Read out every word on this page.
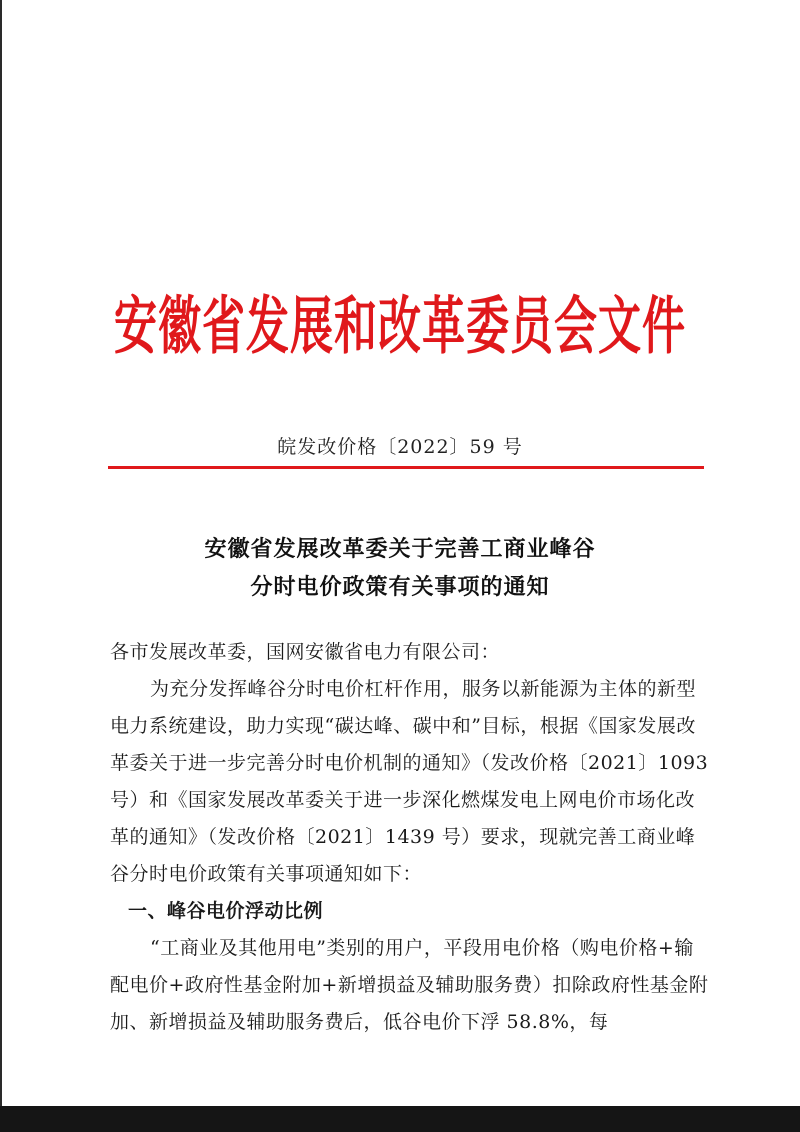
安徽省发展和改革委员会文件
皖发改价格〔2022〕59 号
安徽省发展改革委关于完善工商业峰谷
分时电价政策有关事项的通知

各市发展改革委，国网安徽省电力有限公司：

为充分发挥峰谷分时电价杠杆作用，服务以新能源为主体的新型电力系统建设，助力实现“碳达峰、碳中和”目标，根据《国家发展改革委关于进一步完善分时电价机制的通知》（发改价格〔2021〕1093 号）和《国家发展改革委关于进一步深化燃煤发电上网电价市场化改革的通知》（发改价格〔2021〕1439 号）要求，现就完善工商业峰谷分时电价政策有关事项通知如下：

一、峰谷电价浮动比例

“工商业及其他用电”类别的用户，平段用电价格（购电价格+输配电价+政府性基金附加+新增损益及辅助服务费）扣除政府性基金附加、新增损益及辅助服务费后，低谷电价下浮 58.8%，每
